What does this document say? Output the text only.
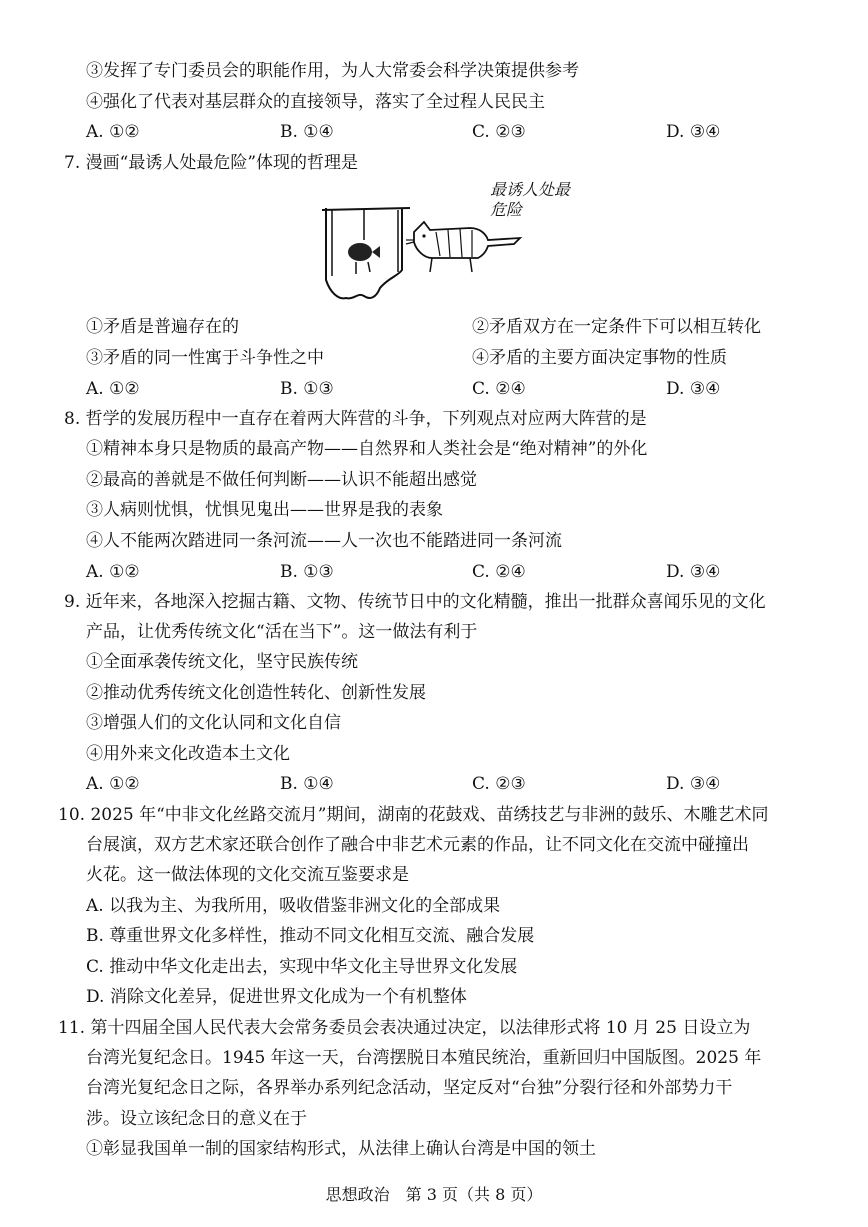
③发挥了专门委员会的职能作用，为人大常委会科学决策提供参考
④强化了代表对基层群众的直接领导，落实了全过程人民民主
A. ①②	B. ①④	C. ②③	D. ③④
7. 漫画“最诱人处最危险”体现的哲理是
最诱人处最危险
①矛盾是普遍存在的	②矛盾双方在一定条件下可以相互转化
③矛盾的同一性寓于斗争性之中	④矛盾的主要方面决定事物的性质
A. ①②	B. ①③	C. ②④	D. ③④
8. 哲学的发展历程中一直存在着两大阵营的斗争，下列观点对应两大阵营的是
①精神本身只是物质的最高产物——自然界和人类社会是“绝对精神”的外化
②最高的善就是不做任何判断——认识不能超出感觉
③人病则忧惧，忧惧见鬼出——世界是我的表象
④人不能两次踏进同一条河流——人一次也不能踏进同一条河流
A. ①②	B. ①③	C. ②④	D. ③④
9. 近年来，各地深入挖掘古籍、文物、传统节日中的文化精髓，推出一批群众喜闻乐见的文化
产品，让优秀传统文化“活在当下”。这一做法有利于
①全面承袭传统文化，坚守民族传统
②推动优秀传统文化创造性转化、创新性发展
③增强人们的文化认同和文化自信
④用外来文化改造本土文化
A. ①②	B. ①④	C. ②③	D. ③④
10. 2025 年“中非文化丝路交流月”期间，湖南的花鼓戏、苗绣技艺与非洲的鼓乐、木雕艺术同
台展演，双方艺术家还联合创作了融合中非艺术元素的作品，让不同文化在交流中碰撞出
火花。这一做法体现的文化交流互鉴要求是
A. 以我为主、为我所用，吸收借鉴非洲文化的全部成果
B. 尊重世界文化多样性，推动不同文化相互交流、融合发展
C. 推动中华文化走出去，实现中华文化主导世界文化发展
D. 消除文化差异，促进世界文化成为一个有机整体
11. 第十四届全国人民代表大会常务委员会表决通过决定，以法律形式将 10 月 25 日设立为
台湾光复纪念日。1945 年这一天，台湾摆脱日本殖民统治，重新回归中国版图。2025 年
台湾光复纪念日之际，各界举办系列纪念活动，坚定反对“台独”分裂行径和外部势力干
涉。设立该纪念日的意义在于
①彰显我国单一制的国家结构形式，从法律上确认台湾是中国的领土
思想政治　第 3 页（共 8 页）
